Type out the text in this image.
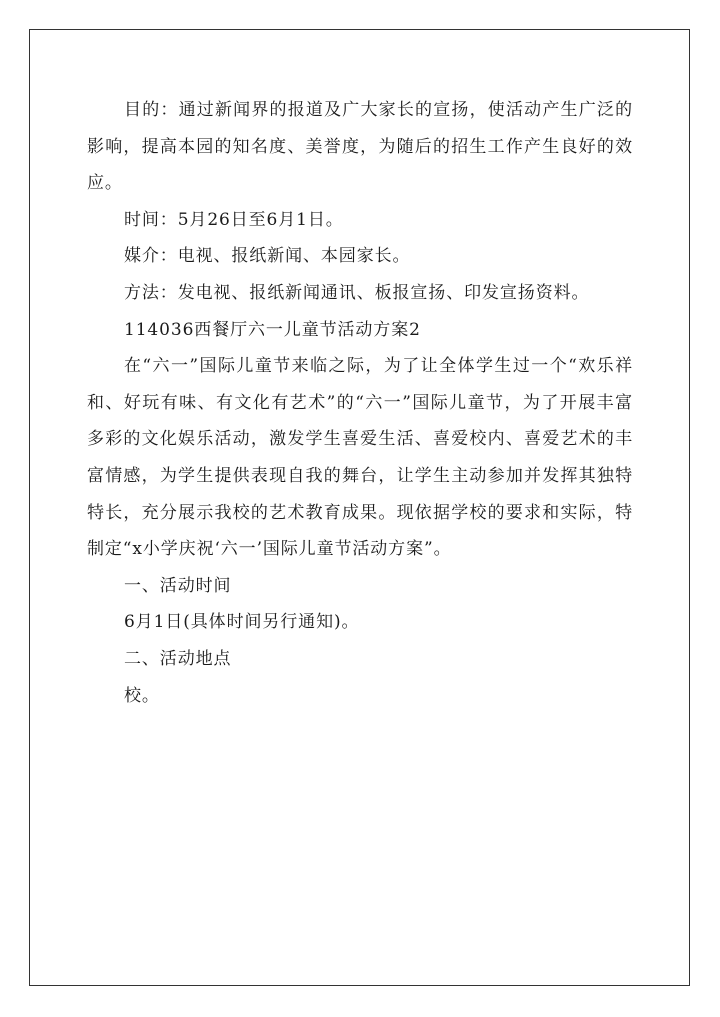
目的：通过新闻界的报道及广大家长的宣扬，使活动产生广泛的影响，提高本园的知名度、美誉度，为随后的招生工作产生良好的效应。

时间：5月26日至6月1日。

媒介：电视、报纸新闻、本园家长。

方法：发电视、报纸新闻通讯、板报宣扬、印发宣扬资料。

114036西餐厅六一儿童节活动方案2

在“六一”国际儿童节来临之际，为了让全体学生过一个“欢乐祥和、好玩有味、有文化有艺术”的“六一”国际儿童节，为了开展丰富多彩的文化娱乐活动，激发学生喜爱生活、喜爱校内、喜爱艺术的丰富情感，为学生提供表现自我的舞台，让学生主动参加并发挥其独特特长，充分展示我校的艺术教育成果。现依据学校的要求和实际，特制定“x小学庆祝‘六一’国际儿童节活动方案”。

一、活动时间

6月1日(具体时间另行通知)。

二、活动地点

校。
